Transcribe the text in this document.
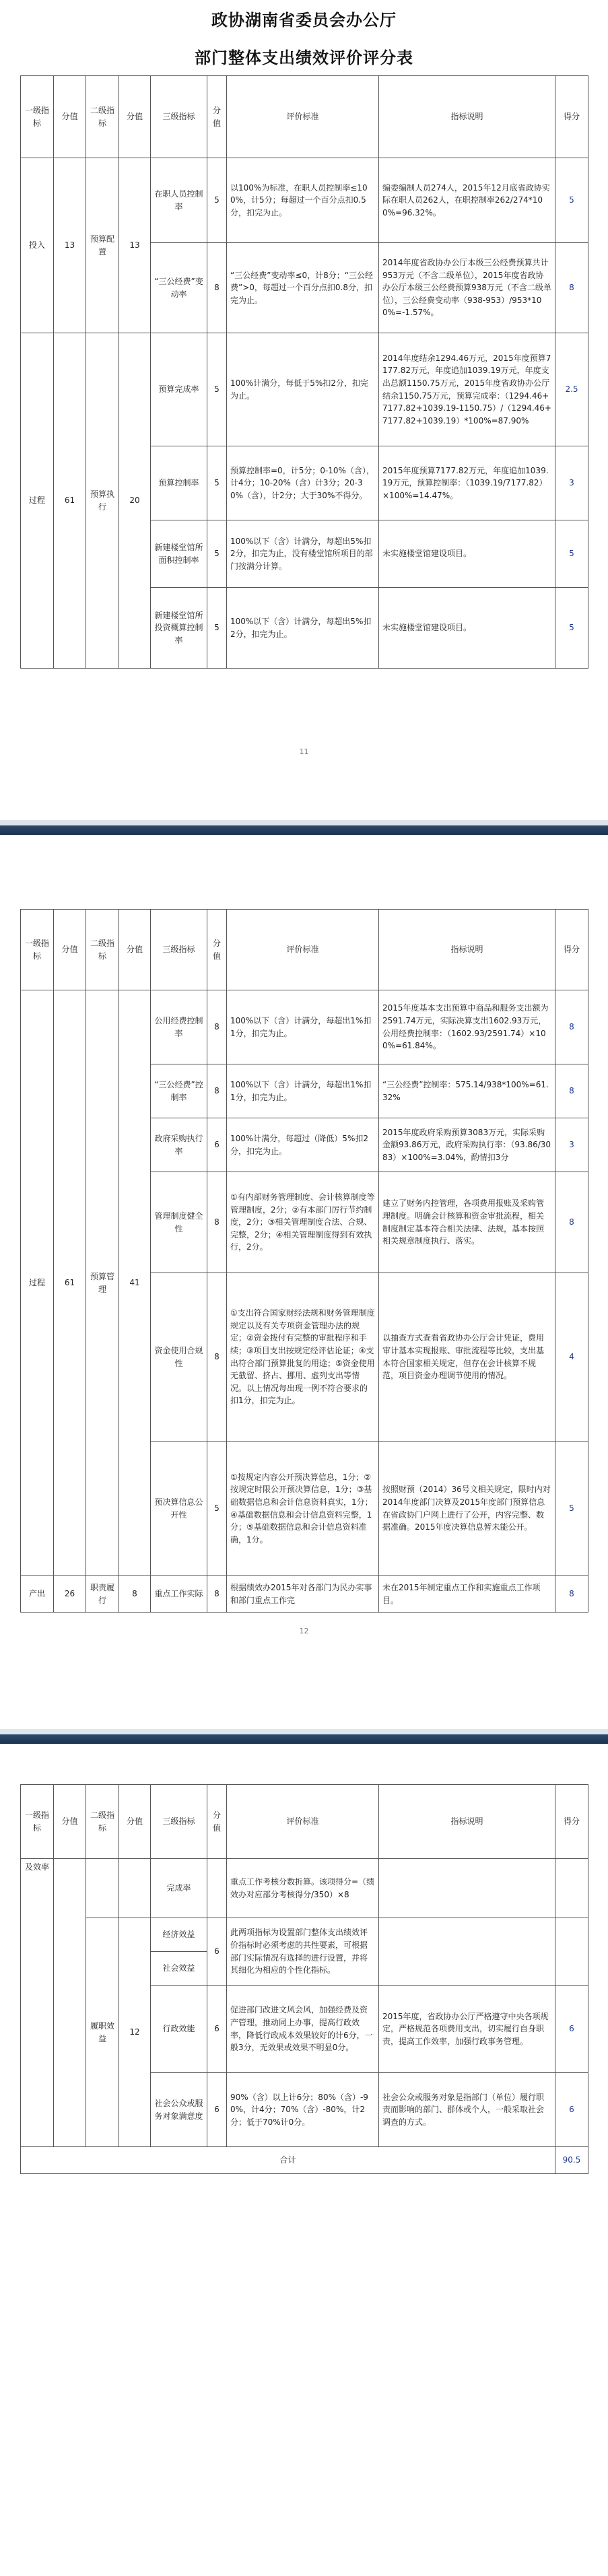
政协湖南省委员会办公厅
部门整体支出绩效评价评分表
一级指标	分值	二级指标	分值	三级指标	分值	评价标准	指标说明	得分
投入	13	预算配置	13	在职人员控制率	5	以100%为标准，在职人员控制率≤100%，计5分；每超过一个百分点扣0.5分，扣完为止。	编委编制人员274人，2015年12月底省政协实际在职人员262人，在职控制率262/274*100%=96.32%。	5
				“三公经费”变动率	8	“三公经费”变动率≤0，计8分；“三公经费”>0，每超过一个百分点扣0.8分，扣完为止。	2014年度省政协办公厅本级三公经费预算共计953万元（不含二级单位），2015年度省政协办公厅本级三公经费预算938万元（不含二级单位），三公经费变动率（938-953）/953*100%=-1.57%。	8
过程	61	预算执行	20	预算完成率	5	100%计满分，每低于5%扣2分，扣完为止。	2014年度结余1294.46万元，2015年度预算7177.82万元，年度追加1039.19万元，年度支出总额1150.75万元，2015年度省政协办公厅结余1150.75万元，预算完成率：（1294.46+7177.82+1039.19-1150.75）/（1294.46+7177.82+1039.19）*100%=87.90%	2.5
				预算控制率	5	预算控制率=0，计5分；0-10%（含），计4分；10-20%（含）计3分；20-30%（含），计2分；大于30%不得分。	2015年度预算7177.82万元，年度追加1039.19万元，预算控制率：（1039.19/7177.82）×100%=14.47%。	3
				新建楼堂馆所面积控制率	5	100%以下（含）计满分，每超出5%扣2分，扣完为止，没有楼堂馆所项目的部门按满分计算。	未实施楼堂馆建设项目。	5
				新建楼堂馆所投资概算控制率	5	100%以下（含）计满分，每超出5%扣2分，扣完为止。	未实施楼堂馆建设项目。	5
11
一级指标	分值	二级指标	分值	三级指标	分值	评价标准	指标说明	得分
过程	61	预算管理	41	公用经费控制率	8	100%以下（含）计满分，每超出1%扣1分，扣完为止。	2015年度基本支出预算中商品和服务支出额为2591.74万元，实际决算支出1602.93万元，公用经费控制率：（1602.93/2591.74）×100%=61.84%。	8
				“三公经费”控制率	8	100%以下（含）计满分，每超出1%扣1分，扣完为止。	“三公经费”控制率：575.14/938*100%=61.32%	8
				政府采购执行率	6	100%计满分，每超过（降低）5%扣2分，扣完为止。	2015年度政府采购预算3083万元，实际采购金额93.86万元，政府采购执行率：（93.86/3083）×100%=3.04%，酌情扣3分	3
				管理制度健全性	8	①有内部财务管理制度、会计核算制度等管理制度，2分；②有本部门厉行节约制度，2分；③相关管理制度合法、合规、完整，2分；④相关管理制度得到有效执行，2分。	建立了财务内控管理，各项费用报账及采购管理制度。明确会计核算和资金审批流程，相关制度制定基本符合相关法律、法规，基本按照相关规章制度执行、落实。	8
				资金使用合规性	8	①支出符合国家财经法规和财务管理制度规定以及有关专项资金管理办法的规定；②资金拨付有完整的审批程序和手续；③项目支出按规定经评估论证；④支出符合部门预算批复的用途；⑤资金使用无截留、挤占、挪用、虚列支出等情况。以上情况每出现一例不符合要求的扣1分，扣完为止。	以抽查方式查看省政协办公厅会计凭证，费用审计基本实现报账、审批流程等比较，支出基本符合国家相关规定，但存在会计核算不规范，项目资金办理调节使用的情况。	4
				预决算信息公开性	5	①按规定内容公开预决算信息，1分；②按规定时限公开预决算信息，1分；③基础数据信息和会计信息资料真实，1分；④基础数据信息和会计信息资料完整，1分；⑤基础数据信息和会计信息资料准确，1分。	按照财预（2014）36号文相关规定，限时内对2014年度部门决算及2015年度部门预算信息在省政协门户网上进行了公开，内容完整、数据准确。2015年度决算信息暂未能公开。	5
产出	26	职责履行	8	重点工作实际	8	根据绩效办2015年对各部门为民办实事和部门重点工作完	未在2015年制定重点工作和实施重点工作项目。	8
12
一级指标	分值	二级指标	分值	三级指标	分值	评价标准	指标说明	得分
及效率				完成率		重点工作考核分数折算。该项得分=（绩效办对应部分考核得分/350）×8		
		履职效益	12	经济效益	6	此两项指标为设置部门整体支出绩效评价指标时必须考虑的共性要素，可根据部门实际情况有选择的进行设置，并将其细化为相应的个性化指标。		
				社会效益				
				行政效能	6	促进部门改进文风会风，加强经费及资产管理，推动同上办事，提高行政效率，降低行政成本效果较好的计6分，一般3分，无效果或效果不明显0分。	2015年度，省政协办公厅严格遵守中央各项规定，严格规范各项费用支出，切实履行自身职责，提高工作效率，加强行政事务管理。	6
				社会公众或服务对象满意度	6	90%（含）以上计6分；80%（含）-90%，计4分；70%（含）-80%，计2分；低于70%计0分。	社会公众或服务对象是指部门（单位）履行职责而影响的部门、群体或个人，一般采取社会调查的方式。	6
合计								90.5
